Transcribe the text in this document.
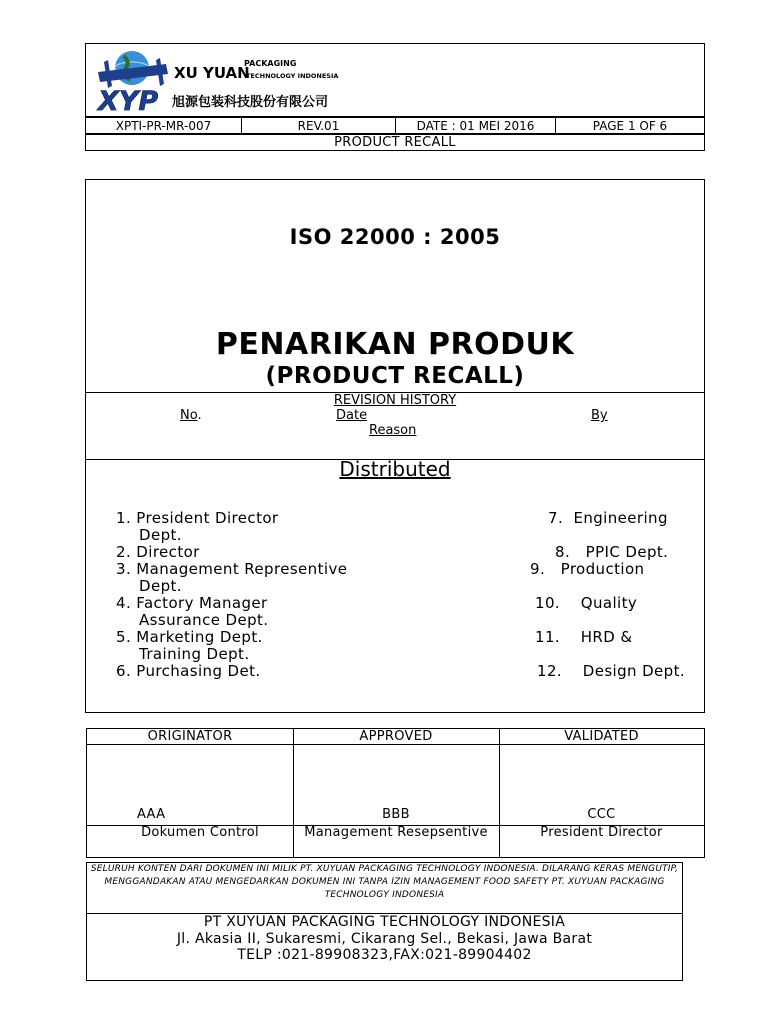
XYP
XU YUAN
PACKAGING
TECHNOLOGY INDONESIA
旭源包装科技股份有限公司
XPTI-PR-MR-007	REV.01	DATE : 01 MEI 2016	PAGE 1 OF 6
PRODUCT RECALL
ISO 22000 : 2005
PENARIKAN PRODUK
(PRODUCT RECALL)
REVISION HISTORY
No.	Date	By
Reason
Distributed
1. President Director
Dept.
2. Director
3. Management Representive
Dept.
4. Factory Manager
Assurance Dept.
5. Marketing Dept.
Training Dept.
6. Purchasing Det.
7. Engineering
8. PPIC Dept.
9. Production
10. Quality
11. HRD &
12. Design Dept.
ORIGINATOR	APPROVED	VALIDATED
AAA	BBB	CCC
Dokumen Control	Management Resepsentive	President Director
SELURUH KONTEN DARI DOKUMEN INI MILIK PT. XUYUAN PACKAGING TECHNOLOGY INDONESIA. DILARANG KERAS MENGUTIP, MENGGANDAKAN ATAU MENGEDARKAN DOKUMEN INI TANPA IZIN MANAGEMENT FOOD SAFETY PT. XUYUAN PACKAGING TECHNOLOGY INDONESIA
PT XUYUAN PACKAGING TECHNOLOGY INDONESIA
Jl. Akasia II, Sukaresmi, Cikarang Sel., Bekasi, Jawa Barat
TELP :021-89908323,FAX:021-89904402
